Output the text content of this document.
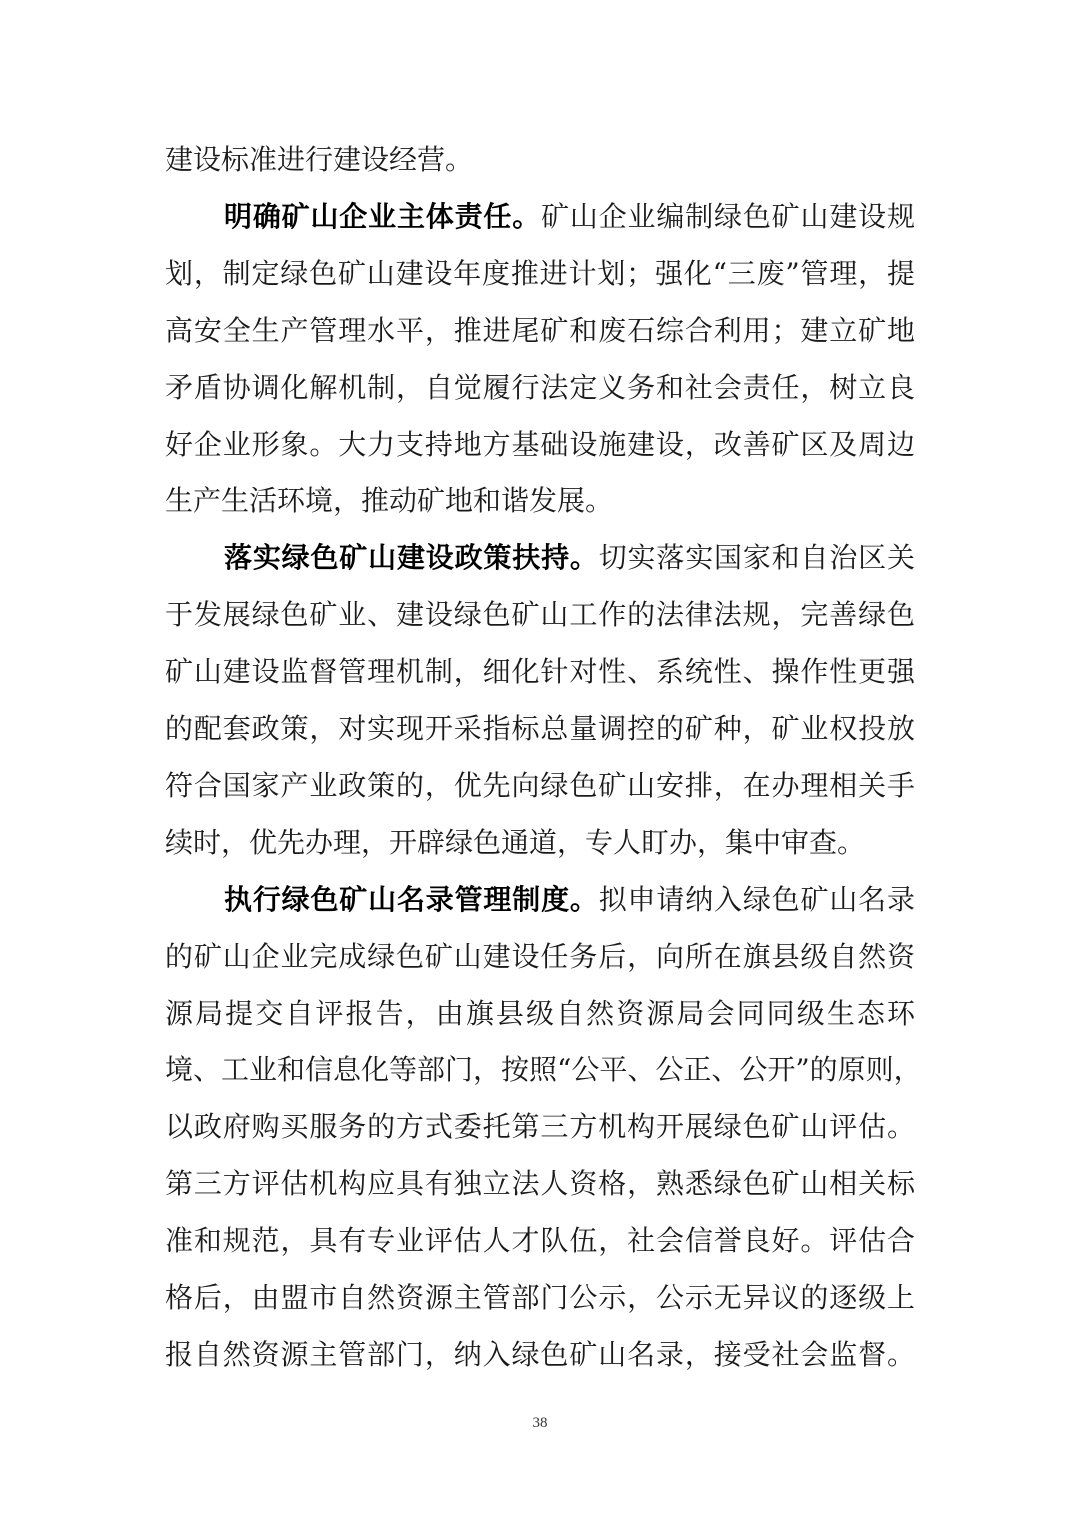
建设标准进行建设经营。
明确矿山企业主体责任。矿山企业编制绿色矿山建设规
划，制定绿色矿山建设年度推进计划；强化“三废”管理，提
高安全生产管理水平，推进尾矿和废石综合利用；建立矿地
矛盾协调化解机制，自觉履行法定义务和社会责任，树立良
好企业形象。大力支持地方基础设施建设，改善矿区及周边
生产生活环境，推动矿地和谐发展。
落实绿色矿山建设政策扶持。切实落实国家和自治区关
于发展绿色矿业、建设绿色矿山工作的法律法规，完善绿色
矿山建设监督管理机制，细化针对性、系统性、操作性更强
的配套政策，对实现开采指标总量调控的矿种，矿业权投放
符合国家产业政策的，优先向绿色矿山安排，在办理相关手
续时，优先办理，开辟绿色通道，专人盯办，集中审查。
执行绿色矿山名录管理制度。拟申请纳入绿色矿山名录
的矿山企业完成绿色矿山建设任务后，向所在旗县级自然资
源局提交自评报告，由旗县级自然资源局会同同级生态环
境、工业和信息化等部门，按照“公平、公正、公开”的原则，
以政府购买服务的方式委托第三方机构开展绿色矿山评估。
第三方评估机构应具有独立法人资格，熟悉绿色矿山相关标
准和规范，具有专业评估人才队伍，社会信誉良好。评估合
格后，由盟市自然资源主管部门公示，公示无异议的逐级上
报自然资源主管部门，纳入绿色矿山名录，接受社会监督。
38
